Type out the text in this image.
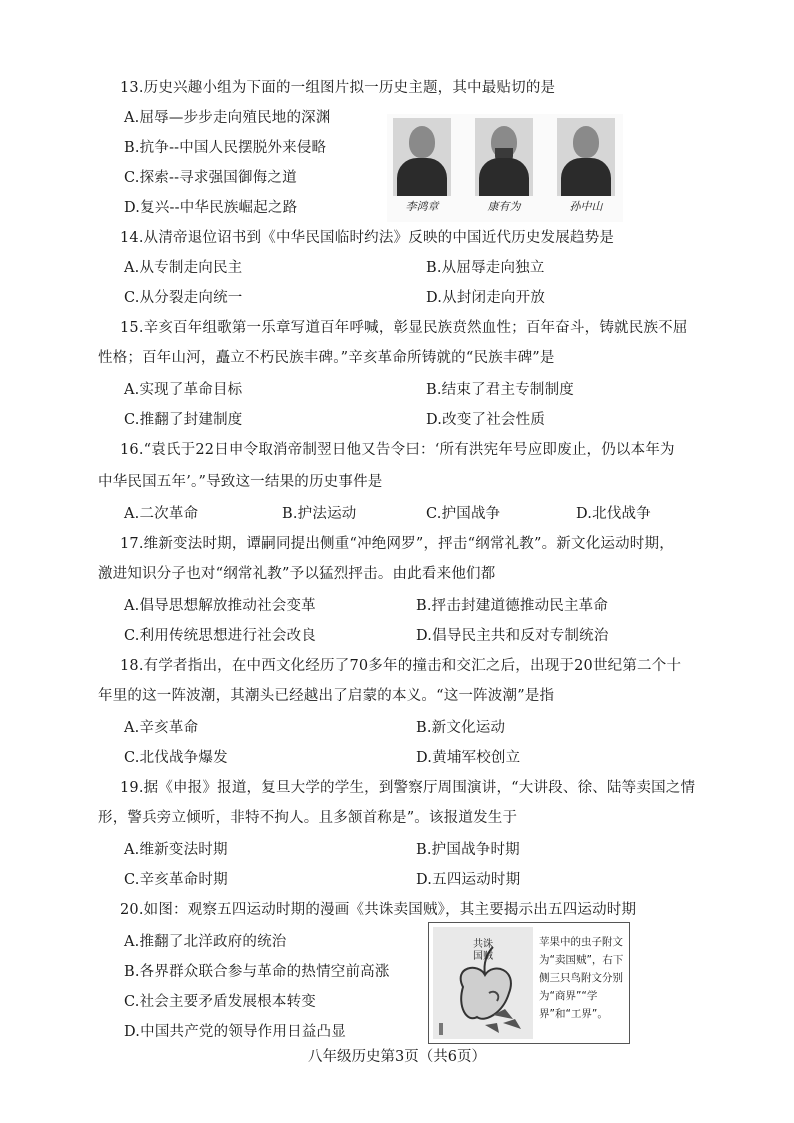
13.历史兴趣小组为下面的一组图片拟一历史主题，其中最贴切的是
A.屈辱—步步走向殖民地的深渊
B.抗争--中国人民摆脱外来侵略
C.探索--寻求强国御侮之道
D.复兴--中华民族崛起之路	李鸿章	康有为	孙中山
14.从清帝退位诏书到《中华民国临时约法》反映的中国近代历史发展趋势是
A.从专制走向民主	B.从屈辱走向独立
C.从分裂走向统一	D.从封闭走向开放
15.辛亥百年组歌第一乐章写道百年呼喊，彰显民族贲然血性；百年奋斗，铸就民族不屈
性格；百年山河，矗立不朽民族丰碑。”辛亥革命所铸就的“民族丰碑”是
A.实现了革命目标	B.结束了君主专制制度
C.推翻了封建制度	D.改变了社会性质
16.“袁氏于22日申令取消帝制翌日他又告令曰：‘所有洪宪年号应即废止，仍以本年为
中华民国五年’。”导致这一结果的历史事件是
A.二次革命	B.护法运动	C.护国战争	D.北伐战争
17.维新变法时期，谭嗣同提出侧重“冲绝网罗”，抨击“纲常礼教”。新文化运动时期，
激进知识分子也对“纲常礼教”予以猛烈抨击。由此看来他们都
A.倡导思想解放推动社会变革	B.抨击封建道德推动民主革命
C.利用传统思想进行社会改良	D.倡导民主共和反对专制统治
18.有学者指出，在中西文化经历了70多年的撞击和交汇之后，出现于20世纪第二个十
年里的这一阵波潮，其潮头已经越出了启蒙的本义。“这一阵波潮”是指
A.辛亥革命	B.新文化运动
C.北伐战争爆发	D.黄埔军校创立
19.据《申报》报道，复旦大学的学生，到警察厅周围演讲，“大讲段、徐、陆等卖国之情
形，警兵旁立倾听，非特不拘人。且多颔首称是”。该报道发生于
A.维新变法时期	B.护国战争时期
C.辛亥革命时期	D.五四运动时期
20.如图：观察五四运动时期的漫画《共诛卖国贼》，其主要揭示出五四运动时期
A.推翻了北洋政府的统治
B.各界群众联合参与革命的热情空前高涨
C.社会主要矛盾发展根本转变
D.中国共产党的领导作用日益凸显
共诛国贼
苹果中的虫子附文为“卖国贼”，右下侧三只鸟附文分别为“商界”“学界”和“工界”。
八年级历史第3页（共6页）
